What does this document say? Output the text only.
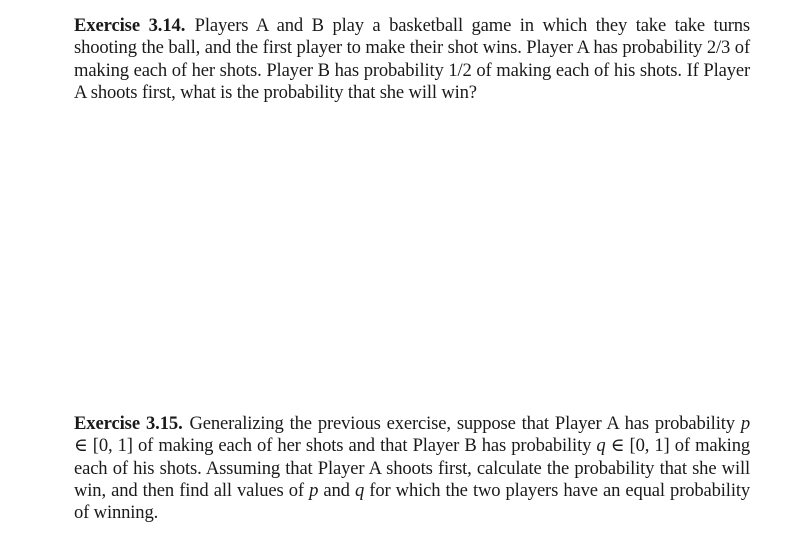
Exercise 3.14. Players A and B play a basketball game in which they take take turns shooting the ball, and the first player to make their shot wins. Player A has probability 2/3 of making each of her shots. Player B has probability 1/2 of making each of his shots. If Player A shoots first, what is the probability that she will win?
Exercise 3.15. Generalizing the previous exercise, suppose that Player A has probability p ∈ [0, 1] of making each of her shots and that Player B has probability q ∈ [0, 1] of making each of his shots. Assuming that Player A shoots first, calculate the probability that she will win, and then find all values of p and q for which the two players have an equal probability of winning.
